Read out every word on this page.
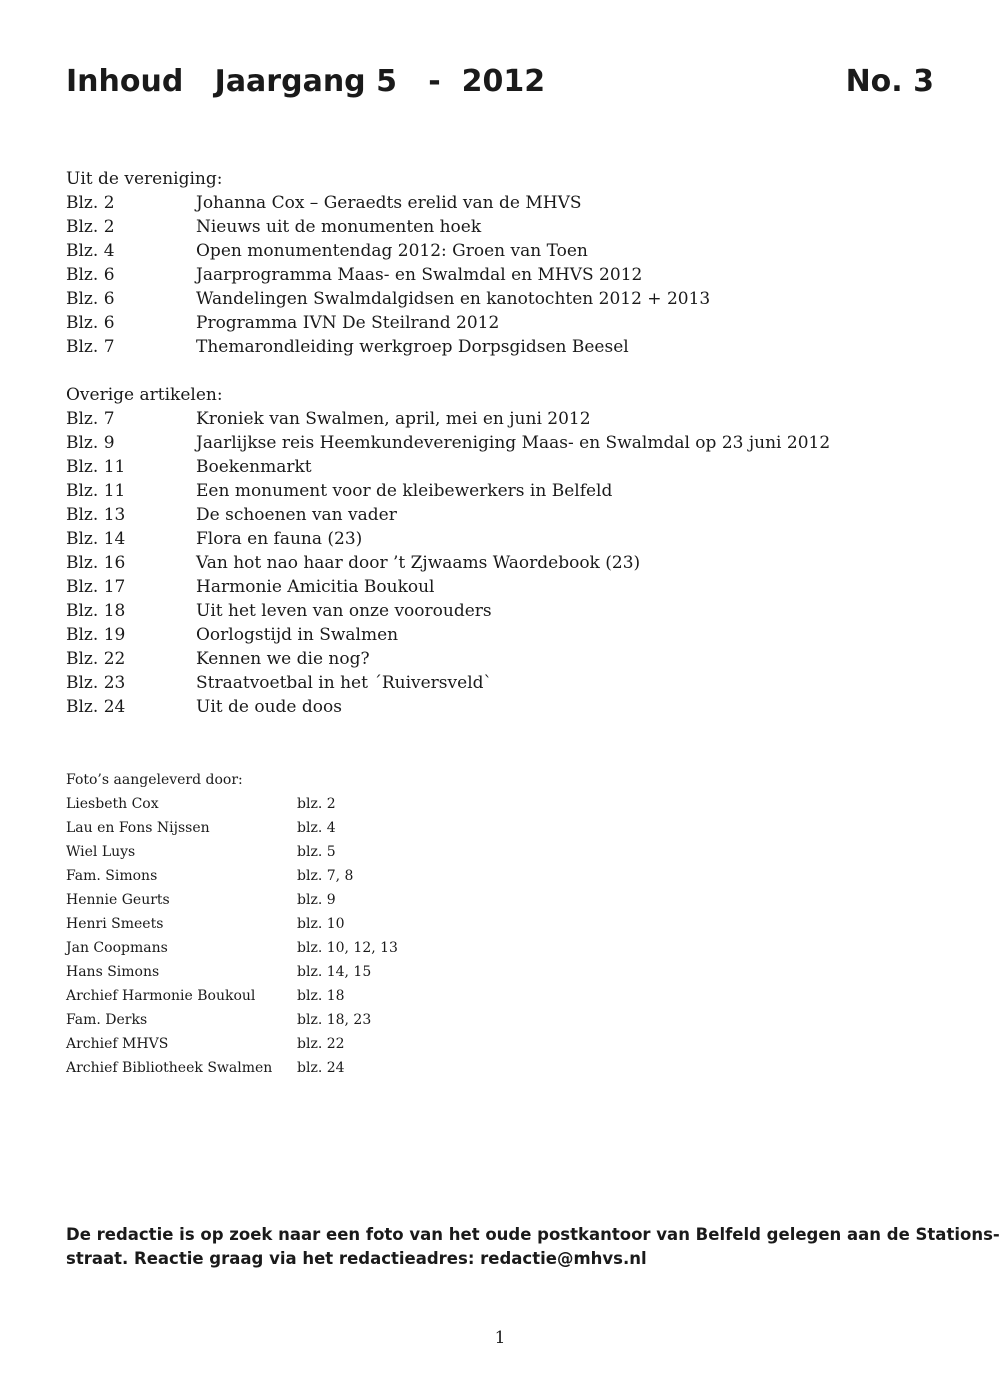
Inhoud   Jaargang 5   -  2012	No. 3
Uit de vereniging:
Blz. 2	Johanna Cox – Geraedts erelid van de MHVS
Blz. 2	Nieuws uit de monumenten hoek
Blz. 4	Open monumentendag 2012: Groen van Toen
Blz. 6	Jaarprogramma Maas- en Swalmdal en MHVS 2012
Blz. 6	Wandelingen Swalmdalgidsen en kanotochten 2012 + 2013
Blz. 6	Programma IVN De Steilrand 2012
Blz. 7	Themarondleiding werkgroep Dorpsgidsen Beesel
Overige artikelen:
Blz. 7	Kroniek van Swalmen, april, mei en juni 2012
Blz. 9	Jaarlijkse reis Heemkundevereniging Maas- en Swalmdal op 23 juni 2012
Blz. 11	Boekenmarkt
Blz. 11	Een monument voor de kleibewerkers in Belfeld
Blz. 13	De schoenen van vader
Blz. 14	Flora en fauna (23)
Blz. 16	Van hot nao haar door ’t Zjwaams Waordebook (23)
Blz. 17	Harmonie Amicitia Boukoul
Blz. 18	Uit het leven van onze voorouders
Blz. 19	Oorlogstijd in Swalmen
Blz. 22	Kennen we die nog?
Blz. 23	Straatvoetbal in het ´Ruiversveld`
Blz. 24	Uit de oude doos
Foto’s aangeleverd door:
Liesbeth Cox	blz. 2
Lau en Fons Nijssen	blz. 4
Wiel Luys	blz. 5
Fam. Simons	blz. 7, 8
Hennie Geurts	blz. 9
Henri Smeets	blz. 10
Jan Coopmans	blz. 10, 12, 13
Hans Simons	blz. 14, 15
Archief Harmonie Boukoul	blz. 18
Fam. Derks	blz. 18, 23
Archief MHVS	blz. 22
Archief Bibliotheek Swalmen blz. 24
De redactie is op zoek naar een foto van het oude postkantoor van Belfeld gelegen aan de Stations-
straat. Reactie graag via het redactieadres: redactie@mhvs.nl
1
